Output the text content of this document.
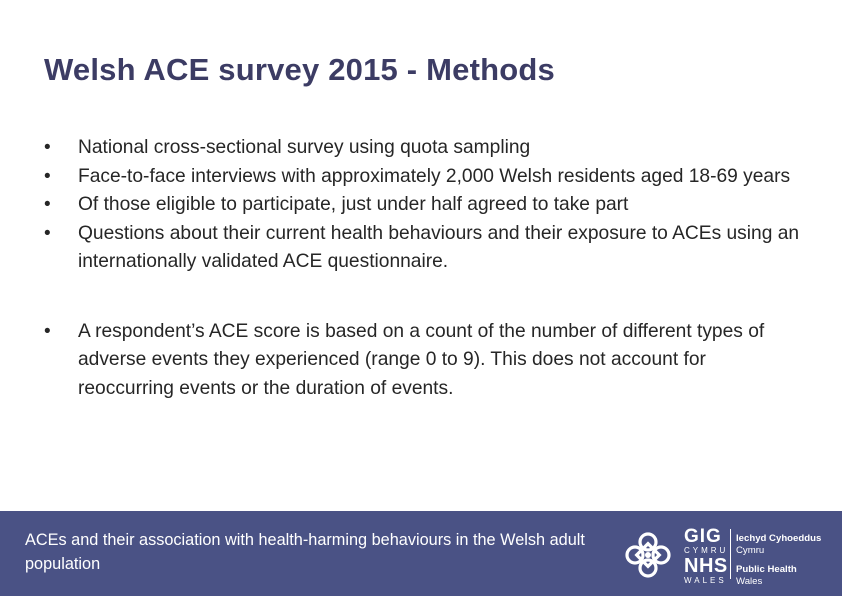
Welsh ACE survey 2015 - Methods
• National cross-sectional survey using quota sampling
• Face-to-face interviews with approximately 2,000 Welsh residents aged 18-69 years
• Of those eligible to participate, just under half agreed to take part
• Questions about their current health behaviours and their exposure to ACEs using an internationally validated ACE questionnaire.
• A respondent’s ACE score is based on a count of the number of different types of adverse events they experienced (range 0 to 9). This does not account for reoccurring events or the duration of events.
ACEs and their association with health-harming behaviours in the Welsh adult population
GIG
CYMRU
NHS
WALES
Iechyd Cyhoeddus
Cymru
Public Health
Wales
